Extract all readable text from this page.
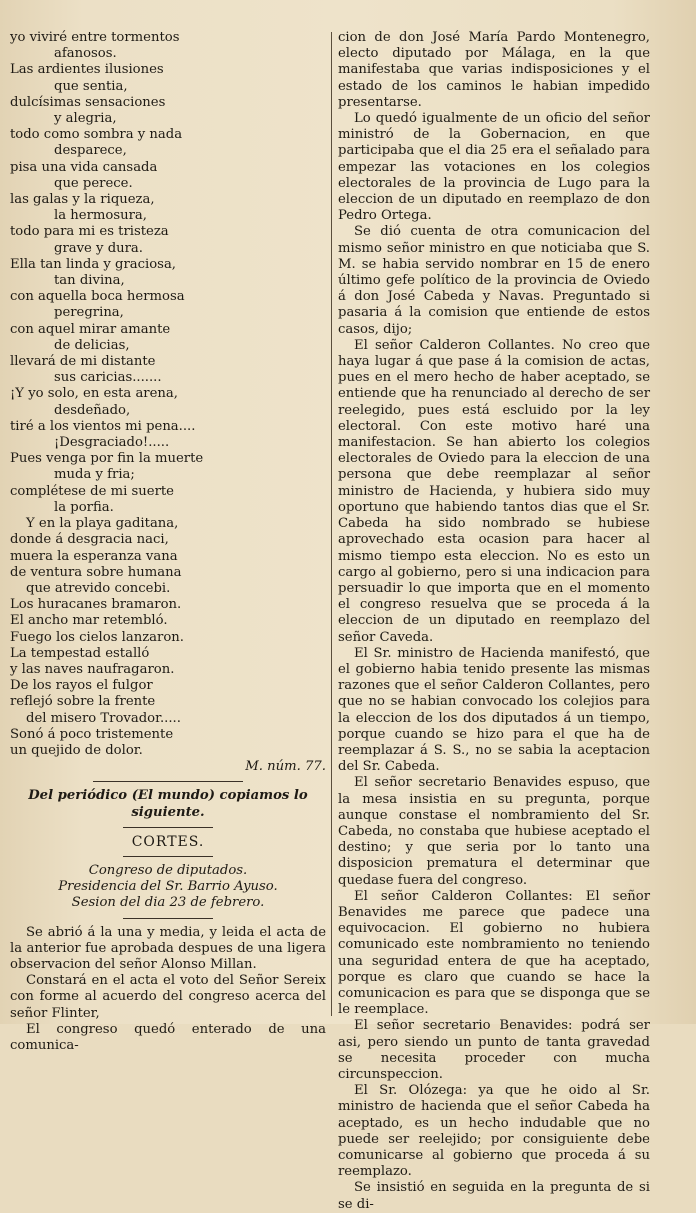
yo viviré entre tormentos
afanosos.
Las ardientes ilusiones
que sentia,
dulcísimas sensaciones
y alegria,
todo como sombra y nada
desparece,
pisa una vida cansada
que perece.
las galas y la riqueza,
la hermosura,
todo para mi es tristeza
grave y dura.
Ella tan linda y graciosa,
tan divina,
con aquella boca hermosa
peregrina,
con aquel mirar amante
de delicias,
llevará de mi distante
sus caricias.......
¡Y yo solo, en esta arena,
desdeñado,
tiré a los vientos mi pena....
¡Desgraciado!.....
Pues venga por fin la muerte
muda y fria;
complétese de mi suerte
la porfia.
Y en la playa gaditana,
donde á desgracia naci,
muera la esperanza vana
de ventura sobre humana
que atrevido concebi.
Los huracanes bramaron.
El ancho mar retembló.
Fuego los cielos lanzaron.
La tempestad estalló
y las naves naufragaron.
De los rayos el fulgor
reflejó sobre la frente
del misero Trovador.....
Sonó á poco tristemente
un quejido de dolor.
M. núm. 77.
Del periódico (El mundo) copiamos lo siguiente.
CORTES.
Congreso de diputados.
Presidencia del Sr. Barrio Ayuso.
Sesion del dia 23 de febrero.

Se abrió á la una y media, y leida el acta de la anterior fue aprobada despues de una ligera observacion del señor Alonso Millan.

Constará en el acta el voto del Señor Sereix con forme al acuerdo del congreso acerca del señor Flinter,

El congreso quedó enterado de una comunica-

cion de don José María Pardo Montenegro, electo diputado por Málaga, en la que manifestaba que varias indisposiciones y el estado de los caminos le habian impedido presentarse.

Lo quedó igualmente de un oficio del señor ministró de la Gobernacion, en que participaba que el dia 25 era el señalado para empezar las votaciones en los colegios electorales de la provincia de Lugo para la eleccion de un diputado en reemplazo de don Pedro Ortega.

Se dió cuenta de otra comunicacion del mismo señor ministro en que noticiaba que S. M. se habia servido nombrar en 15 de enero último gefe político de la provincia de Oviedo á don José Cabeda y Navas. Preguntado si pasaria á la comision que entiende de estos casos, dijo;

El señor Calderon Collantes. No creo que haya lugar á que pase á la comision de actas, pues en el mero hecho de haber aceptado, se entiende que ha renunciado al derecho de ser reelegido, pues está escluido por la ley electoral. Con este motivo haré una manifestacion. Se han abierto los colegios electorales de Oviedo para la eleccion de una persona que debe reemplazar al señor ministro de Hacienda, y hubiera sido muy oportuno que habiendo tantos dias que el Sr. Cabeda ha sido nombrado se hubiese aprovechado esta ocasion para hacer al mismo tiempo esta eleccion. No es esto un cargo al gobierno, pero si una indicacion para persuadir lo que importa que en el momento el congreso resuelva que se proceda á la eleccion de un diputado en reemplazo del señor Caveda.

El Sr. ministro de Hacienda manifestó, que el gobierno habia tenido presente las mismas razones que el señor Calderon Collantes, pero que no se habian convocado los colejios para la eleccion de los dos diputados á un tiempo, porque cuando se hizo para el que ha de reemplazar á S. S., no se sabia la aceptacion del Sr. Cabeda.

El señor secretario Benavides espuso, que la mesa insistia en su pregunta, porque aunque constase el nombramiento del Sr. Cabeda, no constaba que hubiese aceptado el destino; y que seria por lo tanto una disposicion prematura el determinar que quedase fuera del congreso.

El señor Calderon Collantes: El señor Benavides me parece que padece una equivocacion. El gobierno no hubiera comunicado este nombramiento no teniendo una seguridad entera de que ha aceptado, porque es claro que cuando se hace la comunicacion es para que se disponga que se le reemplace.

El señor secretario Benavides: podrá ser asi, pero siendo un punto de tanta gravedad se necesita proceder con mucha circunspeccion.

El Sr. Olózega: ya que he oido al Sr. ministro de hacienda que el señor Cabeda ha aceptado, es un hecho indudable que no puede ser reelejido; por consiguiente debe comunicarse al gobierno que proceda á su reemplazo.

Se insistió en seguida en la pregunta de si se di-
